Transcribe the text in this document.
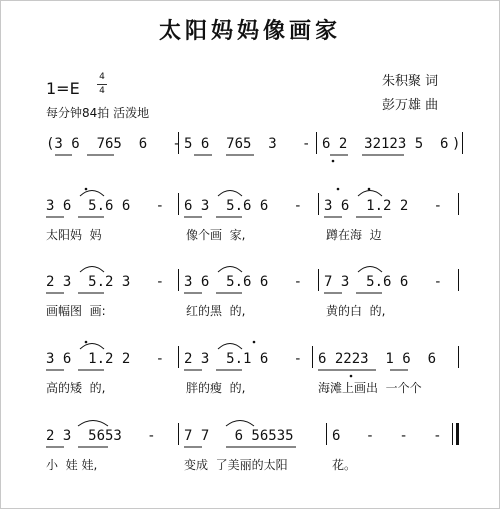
太阳妈妈像画家
1=E
4
4
每分钟84拍 活泼地
朱积聚 词
彭万雄 曲
(3 6  765  6   - 5 6  765  3   - 6 2  32123 5  6 )
3 6  5.6 6   - 6 3  5.6 6   - 3 6  1.2 2   -
太阳妈  妈	像个画  家,	蹲在海  边
2 3  5.2 3   - 3 6  5.6 6   - 7 3  5.6 6   -
画幅图  画:	红的黑  的,	黄的白  的,
3 6  1.2 2   - 2 3  5.1 6   - 6 2223  1 6  6
高的矮  的,	胖的瘦  的,	海滩上画出  一个个
2 3  5653   - 7 7   6 56535	6   -   -   -
小  娃 娃,	变成  了美丽的太阳	花。
